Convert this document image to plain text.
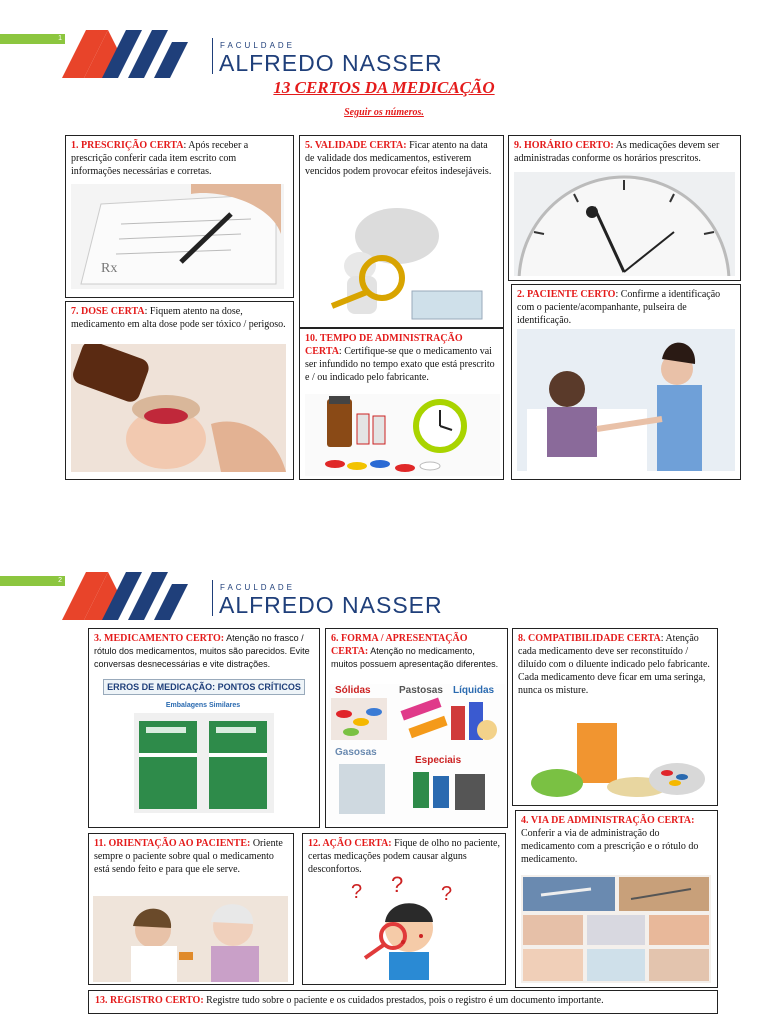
1
FACULDADE
ALFREDO NASSER
13 CERTOS DA MEDICAÇÃO
Seguir os números.
1. PRESCRIÇÃO CERTA: Após receber a prescrição conferir cada item escrito com informações necessárias e corretas.
Rx
5. VALIDADE CERTA: Ficar atento na data de validade dos medicamentos, estiverem vencidos podem provocar efeitos indesejáveis.
9. HORÁRIO CERTO: As medicações devem ser administradas conforme os horários prescritos.
7. DOSE CERTA: Fiquem atento na dose, medicamento em alta dose pode ser tóxico / perigoso.
10. TEMPO DE ADMINISTRAÇÃO CERTA: Certifique-se que o medicamento vai ser infundido no tempo exato que está prescrito e / ou indicado pelo fabricante.
2. PACIENTE CERTO: Confirme a identificação com o paciente/acompanhante, pulseira de identificação.
2
FACULDADE
ALFREDO NASSER
3. MEDICAMENTO CERTO: Atenção no frasco / rótulo dos medicamentos, muitos são parecidos. Evite conversas desnecessárias e vite distrações.
ERROS DE MEDICAÇÃO: PONTOS CRÍTICOS
Embalagens Similares
6. FORMA / APRESENTAÇÃO CERTA: Atenção no medicamento, muitos possuem apresentação diferentes.
Sólidas	Pastosas Líquidas
Gasosas
Especiais
8. COMPATIBILIDADE CERTA: Atenção cada medicamento deve ser reconstituído / diluído com o diluente indicado pelo fabricante. Cada medicamento deve ficar em uma seringa, nunca os misture.
11. ORIENTAÇÃO AO PACIENTE: Oriente sempre o paciente sobre qual o medicamento está sendo feito e para que ele serve.
12. AÇÃO CERTA: Fique de olho no paciente, certas medicações podem causar alguns desconfortos.
? ? ?
4. VIA DE ADMINISTRAÇÃO CERTA: Conferir a via de administração do medicamento com a prescrição e o rótulo do medicamento.
13. REGISTRO CERTO: Registre tudo sobre o paciente e os cuidados prestados, pois o registro é um documento importante.
